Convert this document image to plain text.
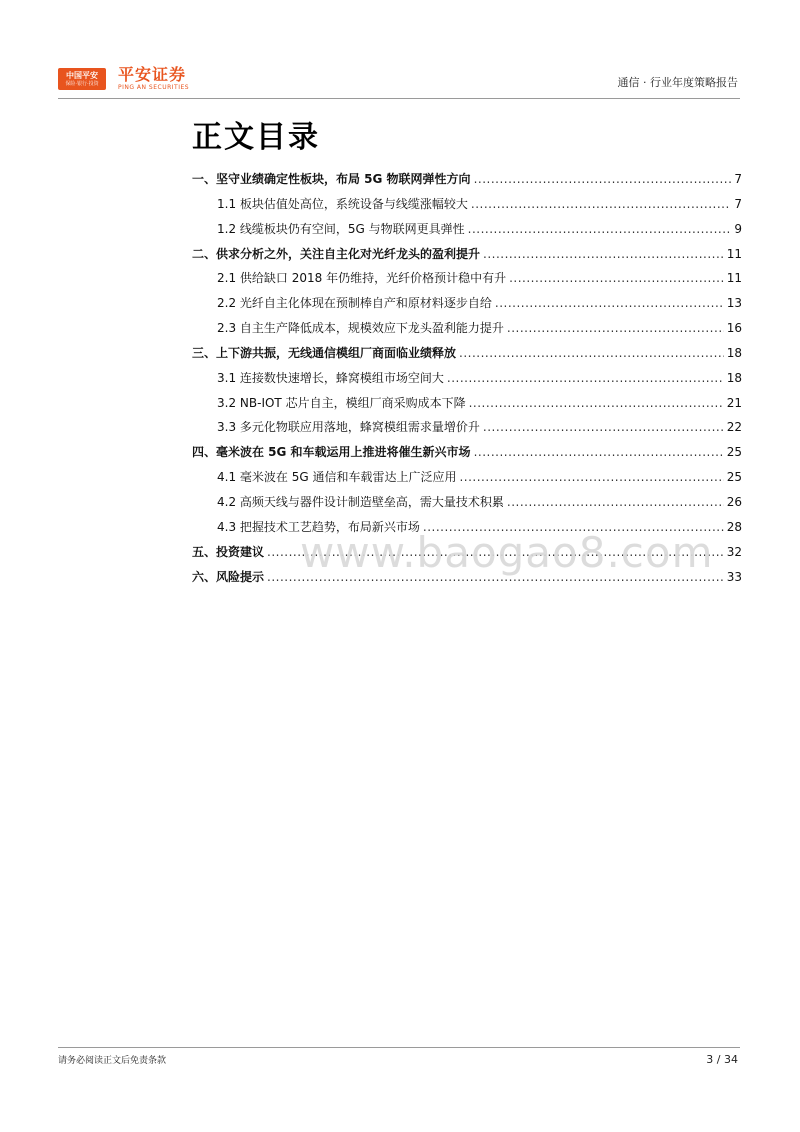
中国平安
保险·银行·投资 平安证券
PING AN SECURITIES	通信 · 行业年度策略报告
正文目录
一、坚守业绩确定性板块，布局 5G 物联网弹性方向 .....	7
1.1 板块估值处高位，系统设备与线缆涨幅较大 .....	7
1.2 线缆板块仍有空间，5G 与物联网更具弹性 .....	9
二、供求分析之外，关注自主化对光纤龙头的盈利提升 .....	11
2.1 供给缺口 2018 年仍维持，光纤价格预计稳中有升 .....	11
2.2 光纤自主化体现在预制棒自产和原材料逐步自给 .....	13
2.3 自主生产降低成本，规模效应下龙头盈利能力提升 .....	16
三、上下游共振，无线通信模组厂商面临业绩释放 .....	18
3.1 连接数快速增长，蜂窝模组市场空间大 .....	18
3.2 NB-IOT 芯片自主，模组厂商采购成本下降 .....	21
3.3 多元化物联应用落地，蜂窝模组需求量增价升 .....	22
四、毫米波在 5G 和车载运用上推进将催生新兴市场 .....	25
4.1 毫米波在 5G 通信和车载雷达上广泛应用 .....	25
4.2 高频天线与器件设计制造壁垒高，需大量技术积累 .....	26
4.3 把握技术工艺趋势，布局新兴市场 .....	28
五、投资建议 .....	32
六、风险提示 .....	33
www.baogao8.com
请务必阅读正文后免责条款	3 / 34
